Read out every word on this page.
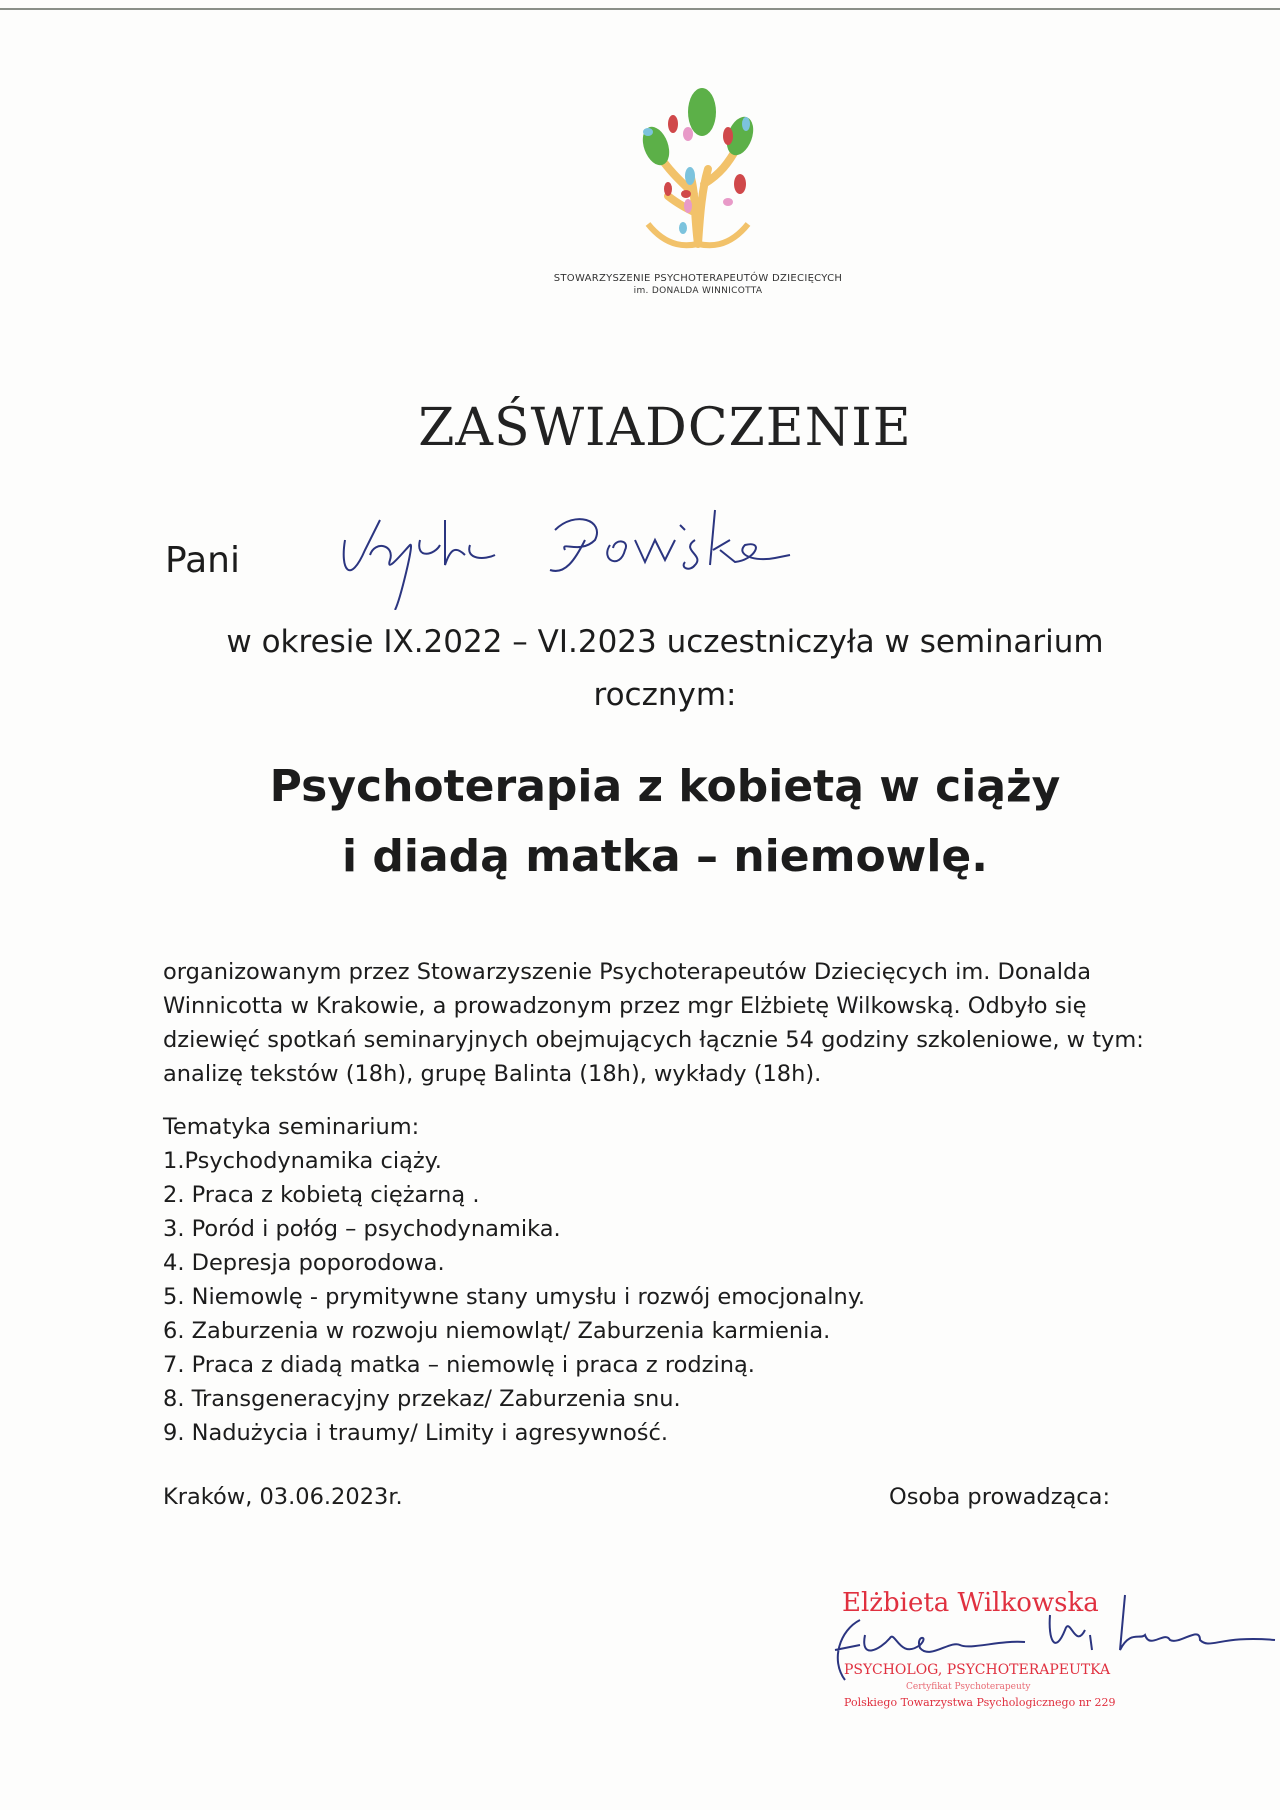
STOWARZYSZENIE PSYCHOTERAPEUTÓW DZIECIĘCYCH
im. DONALDA WINNICOTTA
ZAŚWIADCZENIE
Pani
w okresie IX.2022 – VI.2023 uczestniczyła w seminarium
rocznym:
Psychoterapia z kobietą w ciąży
i diadą matka – niemowlę.
organizowanym przez Stowarzyszenie Psychoterapeutów Dziecięcych im. Donalda
Winnicotta w Krakowie, a prowadzonym przez mgr Elżbietę Wilkowską. Odbyło się
dziewięć spotkań seminaryjnych obejmujących łącznie 54 godziny szkoleniowe, w tym:
analizę tekstów (18h), grupę Balinta (18h), wykłady (18h).
Tematyka seminarium:
1.Psychodynamika ciąży.
2. Praca z kobietą ciężarną .
3. Poród i połóg – psychodynamika.
4. Depresja poporodowa.
5. Niemowlę - prymitywne stany umysłu i rozwój emocjonalny.
6. Zaburzenia w rozwoju niemowląt/ Zaburzenia karmienia.
7. Praca z diadą matka – niemowlę i praca z rodziną.
8. Transgeneracyjny przekaz/ Zaburzenia snu.
9. Nadużycia i traumy/ Limity i agresywność.
Kraków, 03.06.2023r.	Osoba prowadząca:
Elżbieta Wilkowska
PSYCHOLOG, PSYCHOTERAPEUTKA
Certyfikat Psychoterapeuty
Polskiego Towarzystwa Psychologicznego nr 229
